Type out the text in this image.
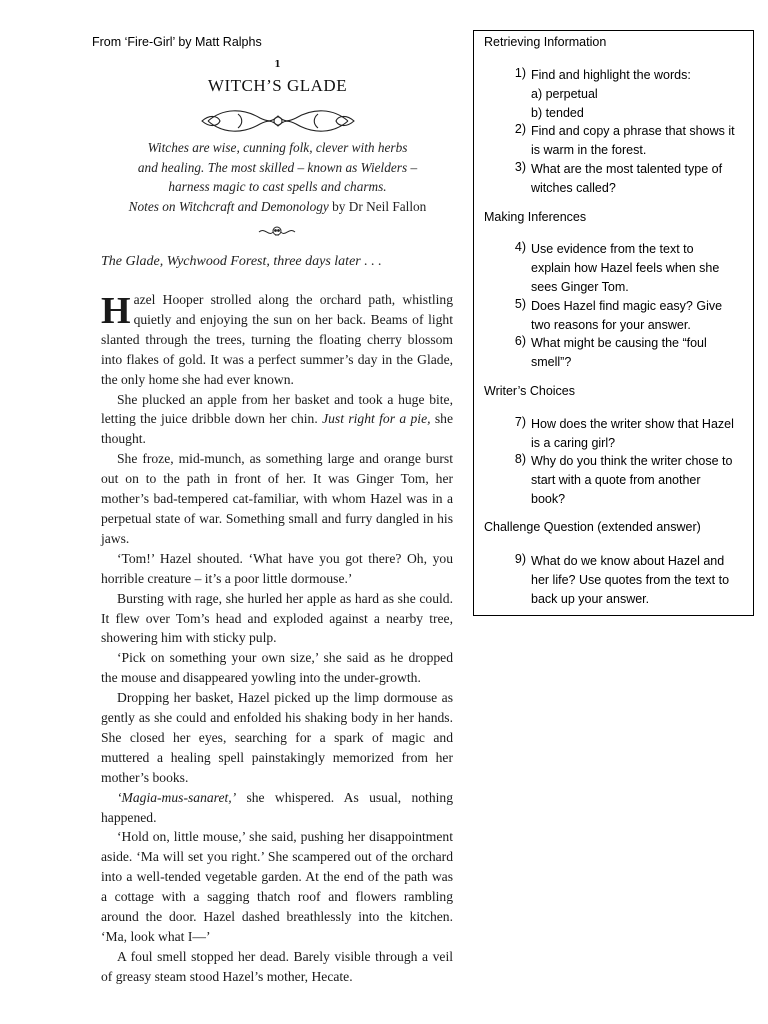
From ‘Fire-Girl’ by Matt Ralphs
1
WITCH’S GLADE
Witches are wise, cunning folk, clever with herbs
and healing. The most skilled – known as Wielders –
harness magic to cast spells and charms.
Notes on Witchcraft and Demonology by Dr Neil Fallon
The Glade, Wychwood Forest, three days later . . .

Hazel Hooper strolled along the orchard path, whistling quietly and enjoying the sun on her back. Beams of light slanted through the trees, turning the floating cherry blossom into flakes of gold. It was a perfect summer’s day in the Glade, the only home she had ever known.

She plucked an apple from her basket and took a huge bite, letting the juice dribble down her chin. Just right for a pie, she thought.

She froze, mid-munch, as something large and orange burst out on to the path in front of her. It was Ginger Tom, her mother’s bad-tempered cat-familiar, with whom Hazel was in a perpetual state of war. Something small and furry dangled in his jaws.

‘Tom!’ Hazel shouted. ‘What have you got there? Oh, you horrible creature – it’s a poor little dormouse.’

Bursting with rage, she hurled her apple as hard as she could. It flew over Tom’s head and exploded against a nearby tree, showering him with sticky pulp.

‘Pick on something your own size,’ she said as he dropped the mouse and disappeared yowling into the under-growth.

Dropping her basket, Hazel picked up the limp dormouse as gently as she could and enfolded his shaking body in her hands. She closed her eyes, searching for a spark of magic and muttered a healing spell painstakingly memorized from her mother’s books.

‘Magia-mus-sanaret,’ she whispered. As usual, nothing happened.

‘Hold on, little mouse,’ she said, pushing her disappointment aside. ‘Ma will set you right.’ She scampered out of the orchard into a well-tended vegetable garden. At the end of the path was a cottage with a sagging thatch roof and flowers rambling around the door. Hazel dashed breathlessly into the kitchen. ‘Ma, look what I—’

A foul smell stopped her dead. Barely visible through a veil of greasy steam stood Hazel’s mother, Hecate.

Retrieving Information
1) Find and highlight the words:
a) perpetual
b) tended
2) Find and copy a phrase that shows it
is warm in the forest.
3) What are the most talented type of
witches called?
Making Inferences
4) Use evidence from the text to
explain how Hazel feels when she
sees Ginger Tom.
5) Does Hazel find magic easy? Give
two reasons for your answer.
6) What might be causing the “foul
smell”?
Writer’s Choices
7) How does the writer show that Hazel
is a caring girl?
8) Why do you think the writer chose to
start with a quote from another
book?
Challenge Question (extended answer)
9) What do we know about Hazel and
her life? Use quotes from the text to
back up your answer.
